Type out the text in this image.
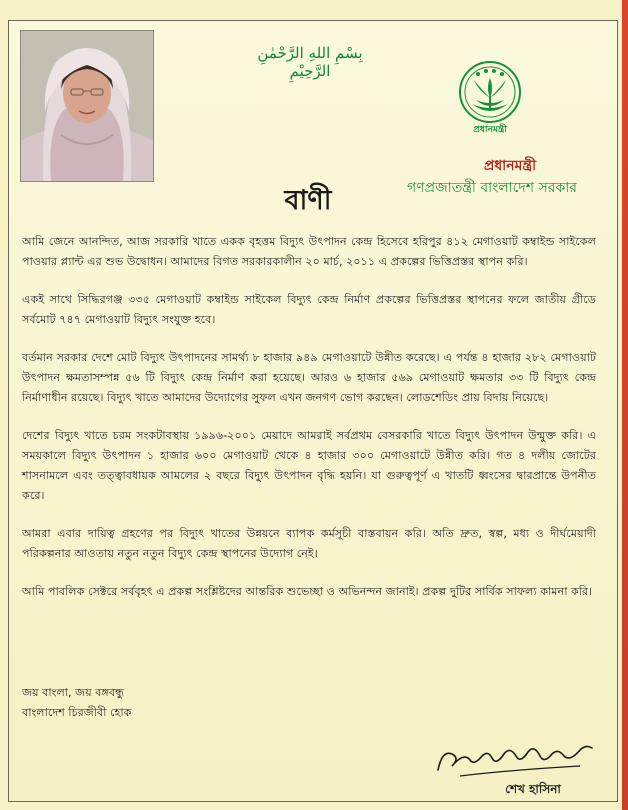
بِسْمِ اللهِ الرَّحْمٰنِ الرَّحِيْمِ
প্রধানমন্ত্রী
প্রধানমন্ত্রী
গণপ্রজাতন্ত্রী বাংলাদেশ সরকার
বাণী

আমি জেনে আনন্দিত, আজ সরকারি খাতে একক বৃহত্তম বিদ্যুৎ উৎপাদন কেন্দ্র হিসেবে হরিপুর ৪১২ মেগাওয়াট কম্বাইন্ড সাইকেল পাওয়ার প্ল্যান্ট এর শুভ উদ্বোধন। আমাদের বিগত সরকারকালীন ২০ মার্চ, ২০১১ এ প্রকল্পের ভিত্তিপ্রস্তর স্থাপন করি।

একই সাথে সিদ্ধিরগঞ্জ ৩৩৫ মেগাওয়াট কম্বাইন্ড সাইকেল বিদ্যুৎ কেন্দ্র নির্মাণ প্রকল্পের ভিত্তিপ্রস্তর স্থাপনের ফলে জাতীয় গ্রীডে সর্বমোট ৭৪৭ মেগাওয়াট বিদ্যুৎ সংযুক্ত হবে।

বর্তমান সরকার দেশে মোট বিদ্যুৎ উৎপাদনের সামর্থ্য ৮ হাজার ৯৪৯ মেগাওয়াটে উন্নীত করেছে। এ পর্যন্ত ৪ হাজার ২৮২ মেগাওয়াট উৎপাদন ক্ষমতাসম্পন্ন ৫৬ টি বিদ্যুৎ কেন্দ্র নির্মাণ করা হয়েছে। আরও ৬ হাজার ৫৬৯ মেগাওয়াট ক্ষমতার ৩৩ টি বিদ্যুৎ কেন্দ্র নির্মাণাধীন রয়েছে। বিদ্যুৎ খাতে আমাদের উদ্যোগের সুফল এখন জনগণ ভোগ করছেন। লোডশেডিং প্রায় বিদায় নিয়েছে।

দেশের বিদ্যুৎ খাতে চরম সংকটাবস্থায় ১৯৯৬-২০০১ মেয়াদে আমরাই সর্বপ্রথম বেসরকারি খাতে বিদ্যুৎ উৎপাদন উন্মুক্ত করি। এ সময়কালে বিদ্যুৎ উৎপাদন ১ হাজার ৬০০ মেগাওয়াট থেকে ৪ হাজার ৩০০ মেগাওয়াটে উন্নীত করি। গত ৪ দলীয় জোটের শাসনামলে এবং তত্ত্বাবধায়ক আমলের ২ বছরে বিদ্যুৎ উৎপাদন বৃদ্ধি হয়নি। যা গুরুত্বপূর্ণ এ খাতটি ধ্বংসের দ্বারপ্রান্তে উপনীত করে।

আমরা এবার দায়িত্ব গ্রহণের পর বিদ্যুৎ খাতের উন্নয়নে ব্যাপক কর্মসূচী বাস্তবায়ন করি। অতি দ্রুত, স্বল্প, মধ্য ও দীর্ঘমেয়াদী পরিকল্পনার আওতায় নতুন নতুন বিদ্যুৎ কেন্দ্র স্থাপনের উদ্যোগ নেই।

আমি পাবলিক সেক্টরে সর্ববৃহৎ এ প্রকল্প সংশ্লিষ্টদের আন্তরিক শুভেচ্ছা ও অভিনন্দন জানাই। প্রকল্প দুটির সার্বিক সাফল্য কামনা করি।

জয় বাংলা, জয় বঙ্গবন্ধু
বাংলাদেশ চিরজীবী হোক
শেখ হাসিনা
